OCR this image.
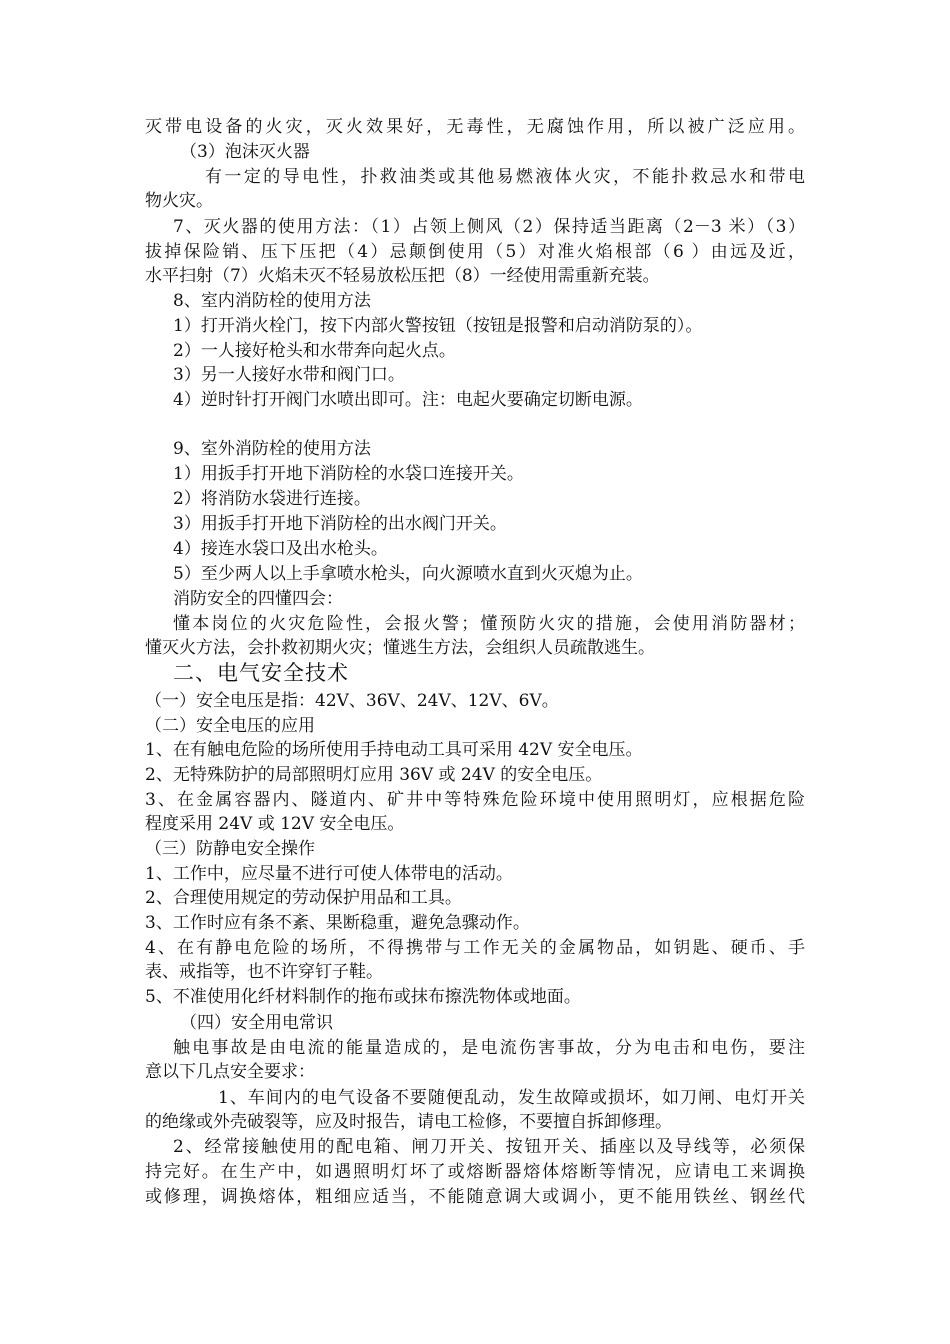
灭带电设备的火灾，灭火效果好，无毒性，无腐蚀作用，所以被广泛应用。
（3）泡沫灭火器
有一定的导电性，扑救油类或其他易燃液体火灾，不能扑救忌水和带电
物火灾。
7、灭火器的使用方法：（1）占领上侧风（2）保持适当距离（2－3 米）（3）
拔掉保险销、压下压把（4）忌颠倒使用（5）对准火焰根部（6 ）由远及近，
水平扫射（7）火焰未灭不轻易放松压把（8）一经使用需重新充装。
8、室内消防栓的使用方法
1）打开消火栓门，按下内部火警按钮（按钮是报警和启动消防泵的）。
2）一人接好枪头和水带奔向起火点。
3）另一人接好水带和阀门口。
4）逆时针打开阀门水喷出即可。注：电起火要确定切断电源。
9、室外消防栓的使用方法
1）用扳手打开地下消防栓的水袋口连接开关。
2）将消防水袋进行连接。
3）用扳手打开地下消防栓的出水阀门开关。
4）接连水袋口及出水枪头。
5）至少两人以上手拿喷水枪头，向火源喷水直到火灭熄为止。
消防安全的四懂四会：
懂本岗位的火灾危险性，会报火警；懂预防火灾的措施，会使用消防器材；
懂灭火方法，会扑救初期火灾；懂逃生方法，会组织人员疏散逃生。
二、电气安全技术
（一）安全电压是指：42V、36V、24V、12V、6V。
（二）安全电压的应用
1、在有触电危险的场所使用手持电动工具可采用 42V 安全电压。
2、无特殊防护的局部照明灯应用 36V 或 24V 的安全电压。
3、在金属容器内、隧道内、矿井中等特殊危险环境中使用照明灯，应根据危险
程度采用 24V 或 12V 安全电压。
（三）防静电安全操作
1、工作中，应尽量不进行可使人体带电的活动。
2、合理使用规定的劳动保护用品和工具。
3、工作时应有条不紊、果断稳重，避免急骤动作。
4、在有静电危险的场所，不得携带与工作无关的金属物品，如钥匙、硬币、手
表、戒指等，也不许穿钉子鞋。
5、不准使用化纤材料制作的拖布或抹布擦洗物体或地面。
（四）安全用电常识
触电事故是由电流的能量造成的，是电流伤害事故，分为电击和电伤，要注
意以下几点安全要求：
1、车间内的电气设备不要随便乱动，发生故障或损坏，如刀闸、电灯开关
的绝缘或外壳破裂等，应及时报告，请电工检修，不要擅自拆卸修理。
2、经常接触使用的配电箱、闸刀开关、按钮开关、插座以及导线等，必须保
持完好。在生产中，如遇照明灯坏了或熔断器熔体熔断等情况，应请电工来调换
或修理，调换熔体，粗细应适当，不能随意调大或调小，更不能用铁丝、钢丝代
